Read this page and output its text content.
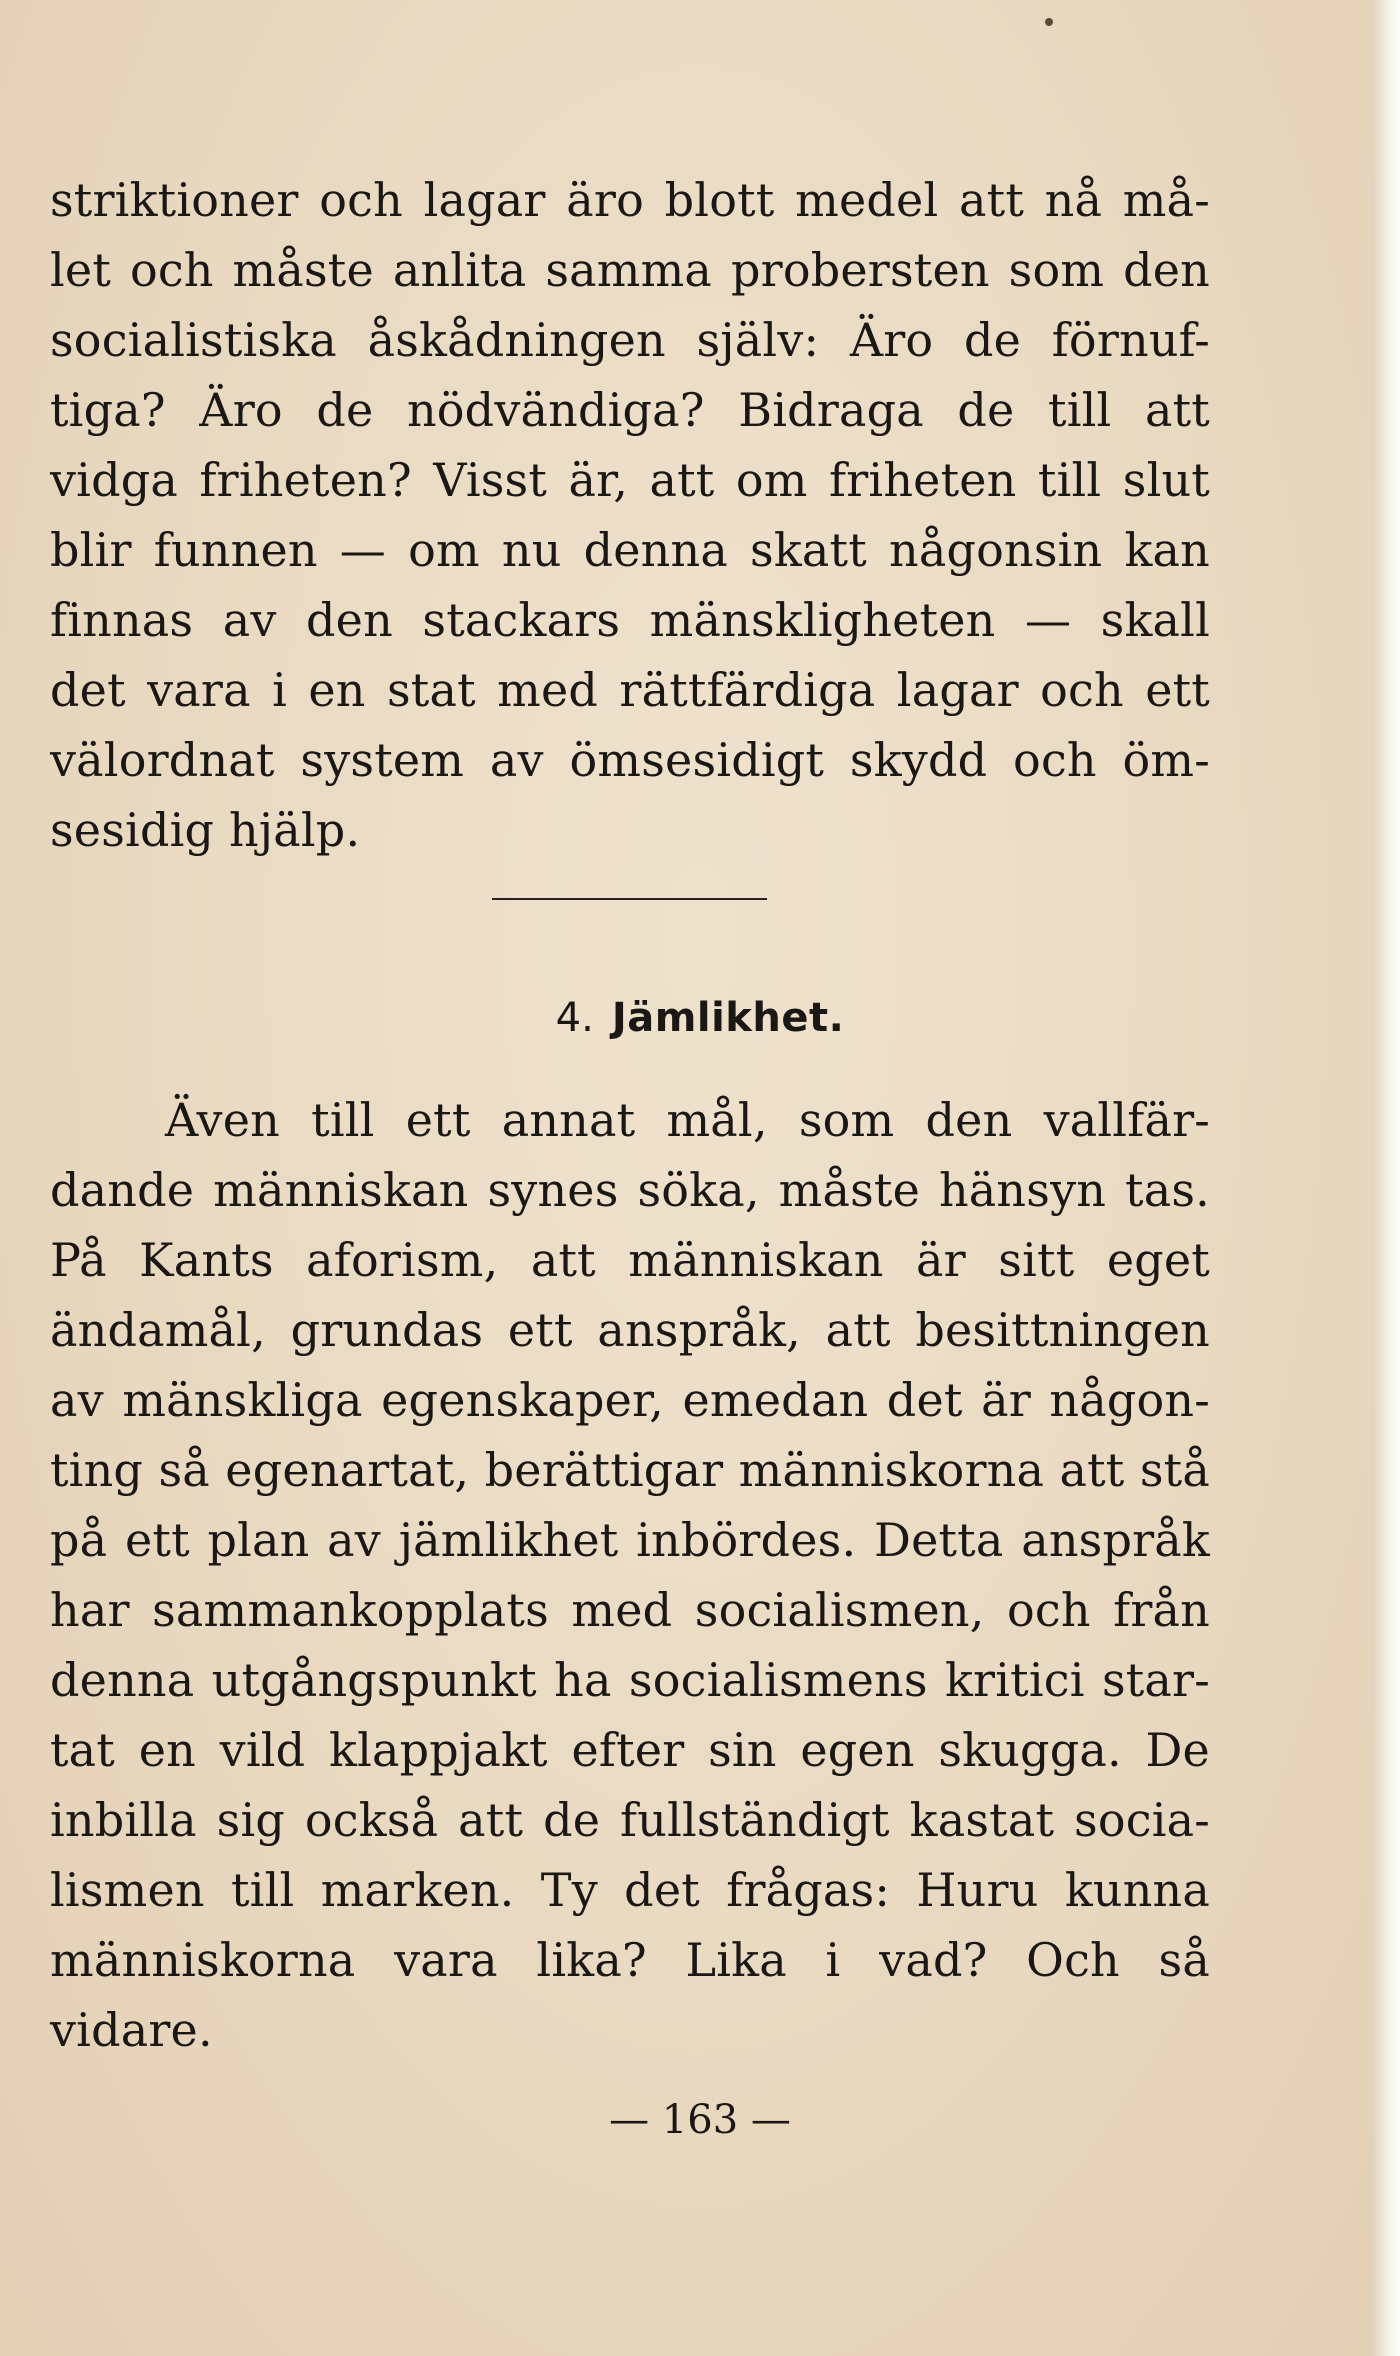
striktioner och lagar äro blott medel att nå må-
let och måste anlita samma probersten som den
socialistiska åskådningen själv: Äro de förnuf-
tiga? Äro de nödvändiga? Bidraga de till att
vidga friheten? Visst är, att om friheten till slut
blir funnen — om nu denna skatt någonsin kan
finnas av den stackars mänskligheten — skall
det vara i en stat med rättfärdiga lagar och ett
välordnat system av ömsesidigt skydd och öm-
sesidig hjälp.
4. Jämlikhet.
Även till ett annat mål, som den vallfär-
dande människan synes söka, måste hänsyn tas.
På Kants aforism, att människan är sitt eget
ändamål, grundas ett anspråk, att besittningen
av mänskliga egenskaper, emedan det är någon-
ting så egenartat, berättigar människorna att stå
på ett plan av jämlikhet inbördes. Detta anspråk
har sammankopplats med socialismen, och från
denna utgångspunkt ha socialismens kritici star-
tat en vild klappjakt efter sin egen skugga. De
inbilla sig också att de fullständigt kastat socia-
lismen till marken. Ty det frågas: Huru kunna
människorna vara lika? Lika i vad? Och så
vidare.
— 163 —
